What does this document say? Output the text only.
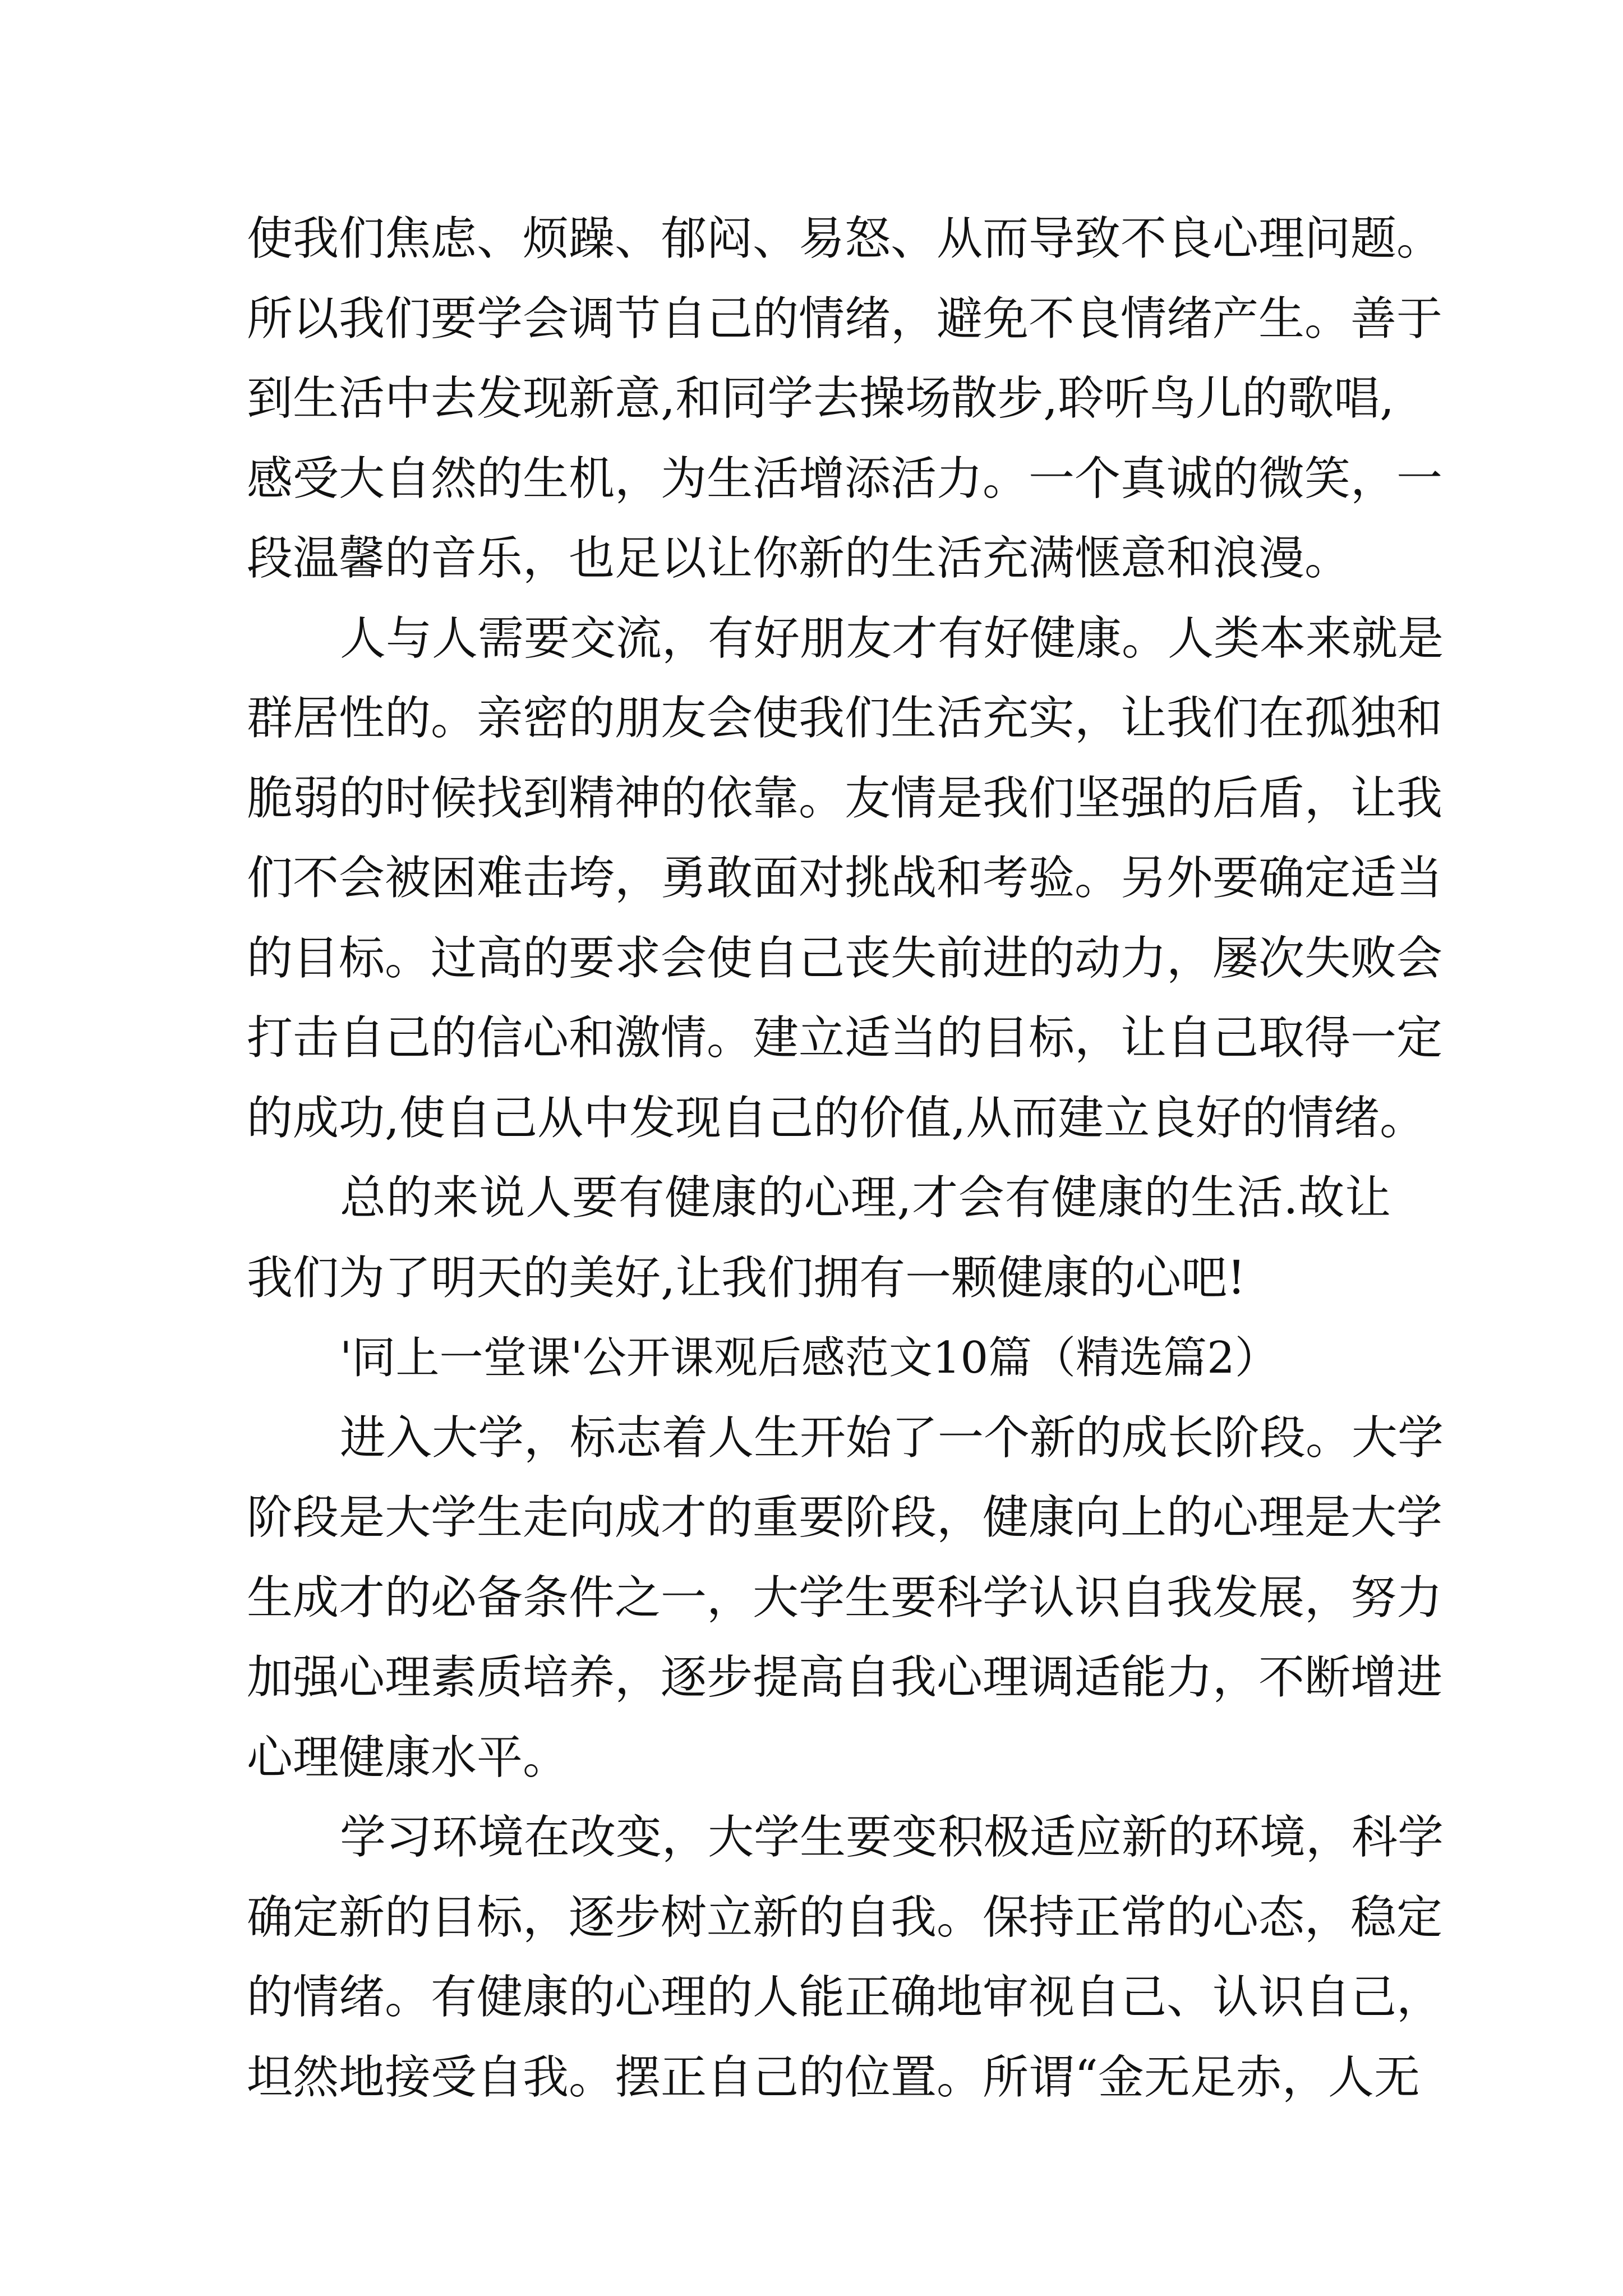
使我们焦虑、烦躁、郁闷、易怒、从而导致不良心理问题。
所以我们要学会调节自己的情绪，避免不良情绪产生。善于
到生活中去发现新意,和同学去操场散步,聆听鸟儿的歌唱,
感受大自然的生机，为生活增添活力。一个真诚的微笑，一
段温馨的音乐，也足以让你新的生活充满惬意和浪漫。
人与人需要交流，有好朋友才有好健康。人类本来就是
群居性的。亲密的朋友会使我们生活充实，让我们在孤独和
脆弱的时候找到精神的依靠。友情是我们坚强的后盾，让我
们不会被困难击垮，勇敢面对挑战和考验。另外要确定适当
的目标。过高的要求会使自己丧失前进的动力，屡次失败会
打击自己的信心和激情。建立适当的目标，让自己取得一定
的成功,使自己从中发现自己的价值,从而建立良好的情绪。
总的来说人要有健康的心理,才会有健康的生活.故让
我们为了明天的美好,让我们拥有一颗健康的心吧!
'同上一堂课'公开课观后感范文10篇（精选篇2）
进入大学，标志着人生开始了一个新的成长阶段。大学
阶段是大学生走向成才的重要阶段，健康向上的心理是大学
生成才的必备条件之一，大学生要科学认识自我发展，努力
加强心理素质培养，逐步提高自我心理调适能力，不断增进
心理健康水平。
学习环境在改变，大学生要变积极适应新的环境，科学
确定新的目标，逐步树立新的自我。保持正常的心态，稳定
的情绪。有健康的心理的人能正确地审视自己、认识自己，
坦然地接受自我。摆正自己的位置。所谓“金无足赤，人无
